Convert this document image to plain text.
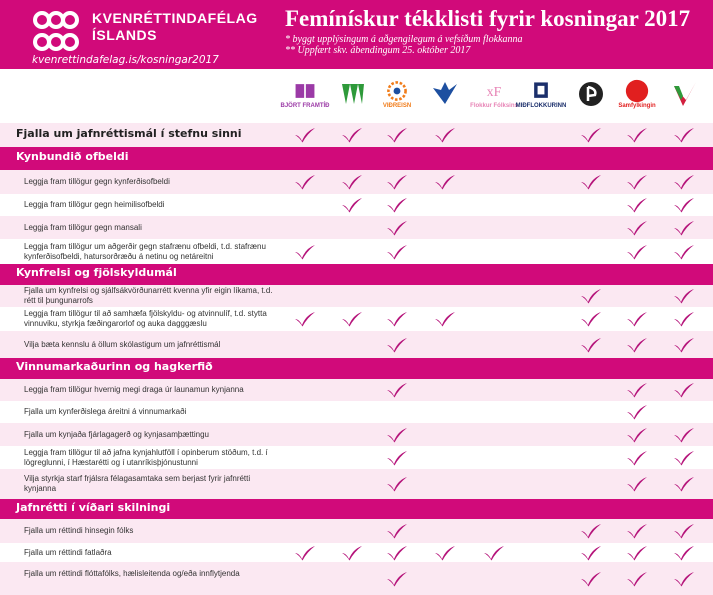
KVENRÉTTINDAFÉLAG
ÍSLANDS
kvenrettindafelag.is/kosningar2017
Femínískur tékklisti fyrir kosningar 2017
* byggt upplýsingum á aðgengilegum á vefsíðum flokkanna
** Uppfært skv. ábendingum 25. október 2017
BJÖRT FRAMTÍÐ	VIÐREISN
xF
Flokkur Fólksins
MIÐFLOKKURINN	Samfylkingin
Fjalla um jafnréttismál í stefnu sinni
Kynbundið ofbeldi
Leggja fram tillögur gegn kynferðisofbeldi
Leggja fram tillögur gegn heimilisofbeldi
Leggja fram tillögur gegn mansali
Leggja fram tillögur um aðgerðir gegn stafrænu ofbeldi, t.d. stafrænu kynferðisofbeldi, hatursorðræðu á netinu og netáreitni
Kynfrelsi og fjölskyldumál
Fjalla um kynfrelsi og sjálfsákvörðunarrétt kvenna yfir eigin líkama, t.d. rétt til þungunarrofs
Leggja fram tillögur til að samhæfa fjölskyldu- og atvinnulíf, t.d. stytta vinnuviku, styrkja fæðingarorlof og auka dagggæslu
Vilja bæta kennslu á öllum skólastigum um jafnréttismál
Vinnumarkaðurinn og hagkerfið
Leggja fram tillögur hvernig megi draga úr launamun kynjanna
Fjalla um kynferðislega áreitni á vinnumarkaði
Fjalla um kynjaða fjárlagagerð og kynjasamþættingu
Leggja fram tillögur til að jafna kynjahlutföll í opinberum stöðum, t.d. í lögreglunni, í Hæstarétti og í utanríkisþjónustunni
Vilja styrkja starf frjálsra félagasamtaka sem berjast fyrir jafnrétti kynjanna
Jafnrétti í víðari skilningi
Fjalla um réttindi hinsegin fólks
Fjalla um réttindi fatlaðra
Fjalla um réttindi flóttafólks, hælisleitenda og/eða innflytjenda
